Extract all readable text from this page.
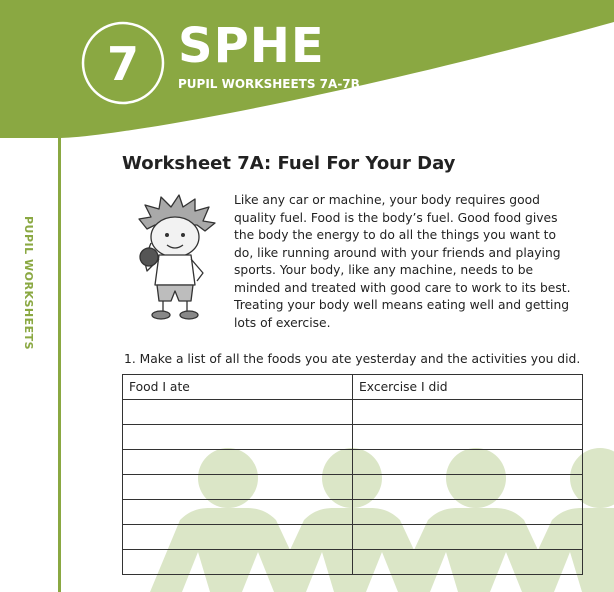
7 SPHE
PUPIL WORKSHEETS 7A-7B
PUPIL WORKSHEETS
Worksheet 7A: Fuel For Your Day
Like any car or machine, your body requires good quality fuel. Food is the body’s fuel. Good food gives the body the energy to do all the things you want to do, like running around with your friends and playing sports. Your body, like any machine, needs to be minded and treated with good care to work to its best. Treating your body well means eating well and getting lots of exercise.
1. Make a list of all the foods you ate yesterday and the activities you did.
Food I ate	Excercise I did
